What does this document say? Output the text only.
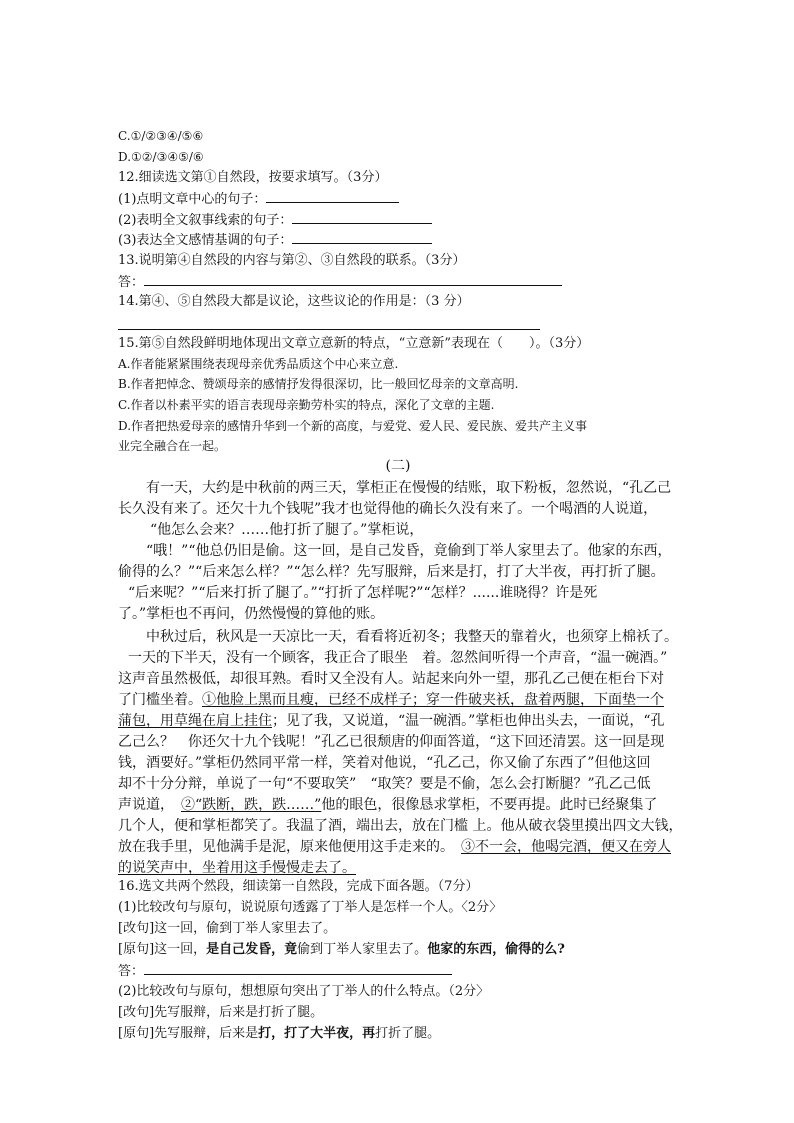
C.①/②③④/⑤⑥
D.①②/③④⑤/⑥
12.细读选文第①自然段，按要求填写。（3分）
(1)点明文章中心的句子：
(2)表明全文叙事线索的句子：
(3)表达全文感情基调的句子：
13.说明第④自然段的内容与第②、③自然段的联系。（3分）
答：
14.第④、⑤自然段大都是议论，这些议论的作用是：（3 分）
15.第⑤自然段鲜明地体现出文章立意新的特点，“立意新”表现在（　　）。（3分）
A.作者能紧紧围绕表现母亲优秀品质这个中心来立意.
B.作者把悼念、赞颂母亲的感情抒发得很深切，比一般回忆母亲的文章高明.
C.作者以朴素平实的语言表现母亲勤劳朴实的特点，深化了文章的主题.
D.作者把热爱母亲的感情升华到一个新的高度，与爱党、爱人民、爱民族、爱共产主义事
业完全融合在一起。
(二)
有一天，大约是中秋前的两三天，掌柜正在慢慢的结账，取下粉板，忽然说，“孔乙己
长久没有来了。还欠十九个钱呢”我才也觉得他的确长久没有来了。一个喝酒的人说道，
“他怎么会来？……他打折了腿了。”掌柜说，
“哦！”“他总仍旧是偷。这一回，是自己发昏，竟偷到丁举人家里去了。他家的东西，
偷得的么？”“后来怎么样？”“怎么样？先写服辩，后来是打，打了大半夜，再打折了腿。
“后来呢？”“后来打折了腿了。”“打折了怎样呢?”“怎样？......谁晓得？许是死
了。”掌柜也不再问，仍然慢慢的算他的账。
中秋过后，秋风是一天凉比一天，看看将近初冬；我整天的靠着火，也须穿上棉袄了。
一天的下半天，没有一个顾客，我正合了眼坐　着。忽然间听得一个声音，“温一碗酒。”
这声音虽然极低，却很耳熟。看时又全没有人。站起来向外一望，那孔乙己便在柜台下对
了门槛坐着。①他脸上黑而且瘦，已经不成样子；穿一件破夹袄，盘着两腿，下面垫一个
蒲包，用草绳在肩上挂住；见了我，又说道，“温一碗酒。”掌柜也伸出头去，一面说，“孔
乙己么？　你还欠十九个钱呢！”孔乙已很颓唐的仰面答道，“这下回还清罢。这一回是现
钱，酒要好。”掌柜仍然同平常一样，笑着对他说，“孔乙己，你又偷了东西了”但他这回
却不十分分辩，单说了一句“不要取笑”　“取笑？要是不偷，怎么会打断腿？”孔乙己低
声说道，　②“跌断，跌，跌……”他的眼色，很像恳求掌柜，不要再提。此时已经聚集了
几个人，便和掌柜都笑了。我温了酒，端出去，放在门槛 上。他从破衣袋里摸出四文大钱，
放在我手里，见他满手是泥，原来他便用这手走来的。　③不一会，他喝完酒，便又在旁人
的说笑声中，坐着用这手慢慢走去了。
16.选文共两个然段，细读第一自然段，完成下面各题。（7分）
(1)比较改句与原句，说说原句透露了丁举人是怎样一个人。〈2分〉
[改句]这一回，偷到丁举人家里去了。
[原句]这一回，是自己发昏，竟偷到丁举人家里去了。他家的东西，偷得的么?
答：
(2)比较改句与原句，想想原句突出了丁举人的什么特点。（2分〉
[改句]先写服辩，后来是打折了腿。
[原句]先写服辩，后来是打，打了大半夜，再打折了腿。
